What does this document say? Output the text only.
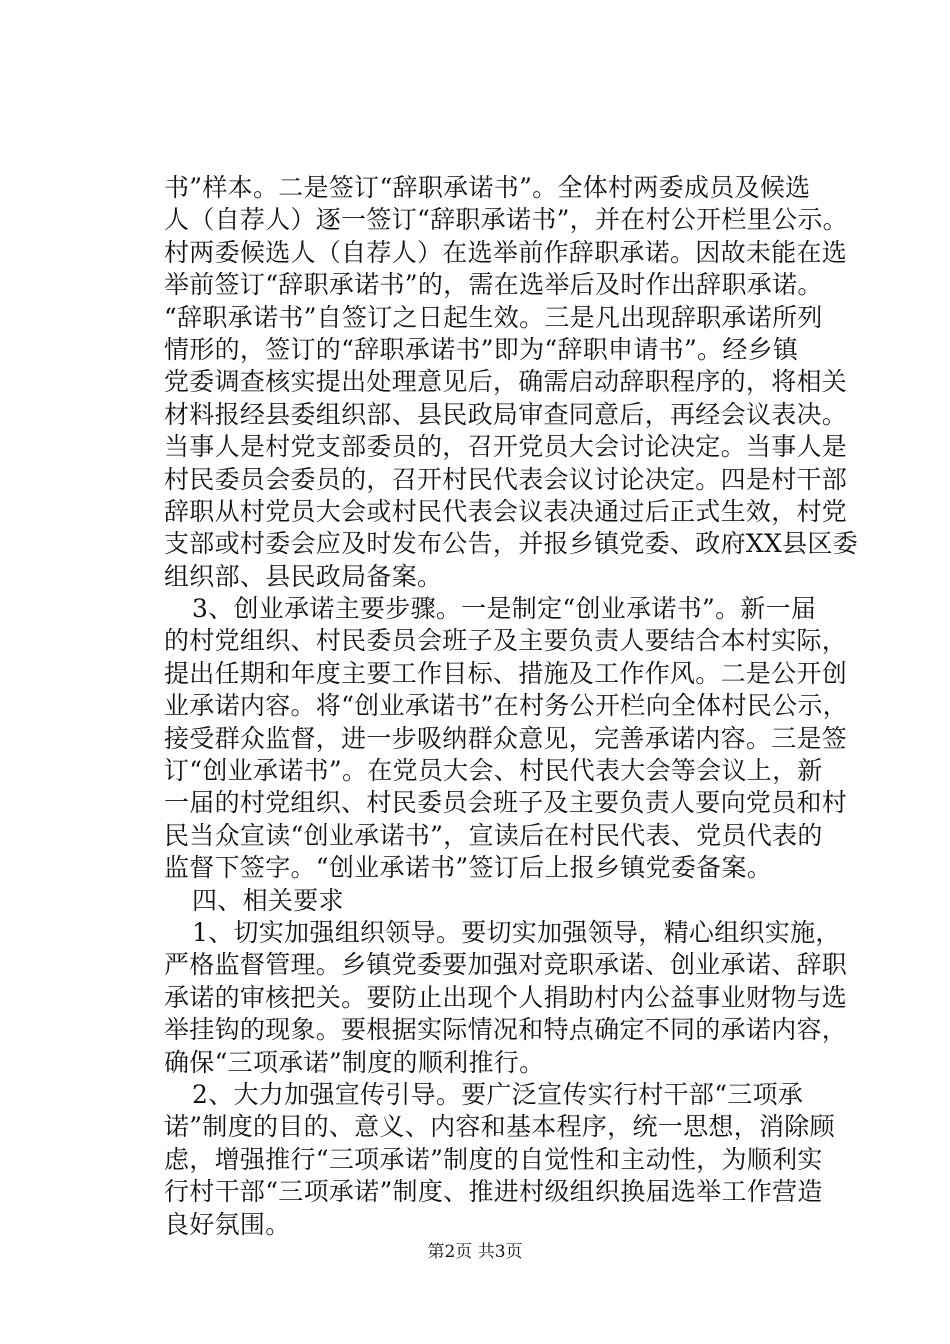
书”样本。二是签订“辞职承诺书”。全体村两委成员及候选
人（自荐人）逐一签订“辞职承诺书”，并在村公开栏里公示。
村两委候选人（自荐人）在选举前作辞职承诺。因故未能在选
举前签订“辞职承诺书”的，需在选举后及时作出辞职承诺。
“辞职承诺书”自签订之日起生效。三是凡出现辞职承诺所列
情形的，签订的“辞职承诺书”即为“辞职申请书”。经乡镇
党委调查核实提出处理意见后，确需启动辞职程序的，将相关
材料报经县委组织部、县民政局审查同意后，再经会议表决。
当事人是村党支部委员的，召开党员大会讨论决定。当事人是
村民委员会委员的，召开村民代表会议讨论决定。四是村干部
辞职从村党员大会或村民代表会议表决通过后正式生效，村党
支部或村委会应及时发布公告，并报乡镇党委、政府XX县区委
组织部、县民政局备案。
3、创业承诺主要步骤。一是制定“创业承诺书”。新一届
的村党组织、村民委员会班子及主要负责人要结合本村实际，
提出任期和年度主要工作目标、措施及工作作风。二是公开创
业承诺内容。将“创业承诺书”在村务公开栏向全体村民公示，
接受群众监督，进一步吸纳群众意见，完善承诺内容。三是签
订“创业承诺书”。在党员大会、村民代表大会等会议上，新
一届的村党组织、村民委员会班子及主要负责人要向党员和村
民当众宣读“创业承诺书”，宣读后在村民代表、党员代表的
监督下签字。“创业承诺书”签订后上报乡镇党委备案。
四、相关要求
1、切实加强组织领导。要切实加强领导，精心组织实施，
严格监督管理。乡镇党委要加强对竞职承诺、创业承诺、辞职
承诺的审核把关。要防止出现个人捐助村内公益事业财物与选
举挂钩的现象。要根据实际情况和特点确定不同的承诺内容，
确保“三项承诺”制度的顺利推行。
2、大力加强宣传引导。要广泛宣传实行村干部“三项承
诺”制度的目的、意义、内容和基本程序，统一思想，消除顾
虑，增强推行“三项承诺”制度的自觉性和主动性，为顺利实
行村干部“三项承诺”制度、推进村级组织换届选举工作营造
良好氛围。
第2页 共3页
